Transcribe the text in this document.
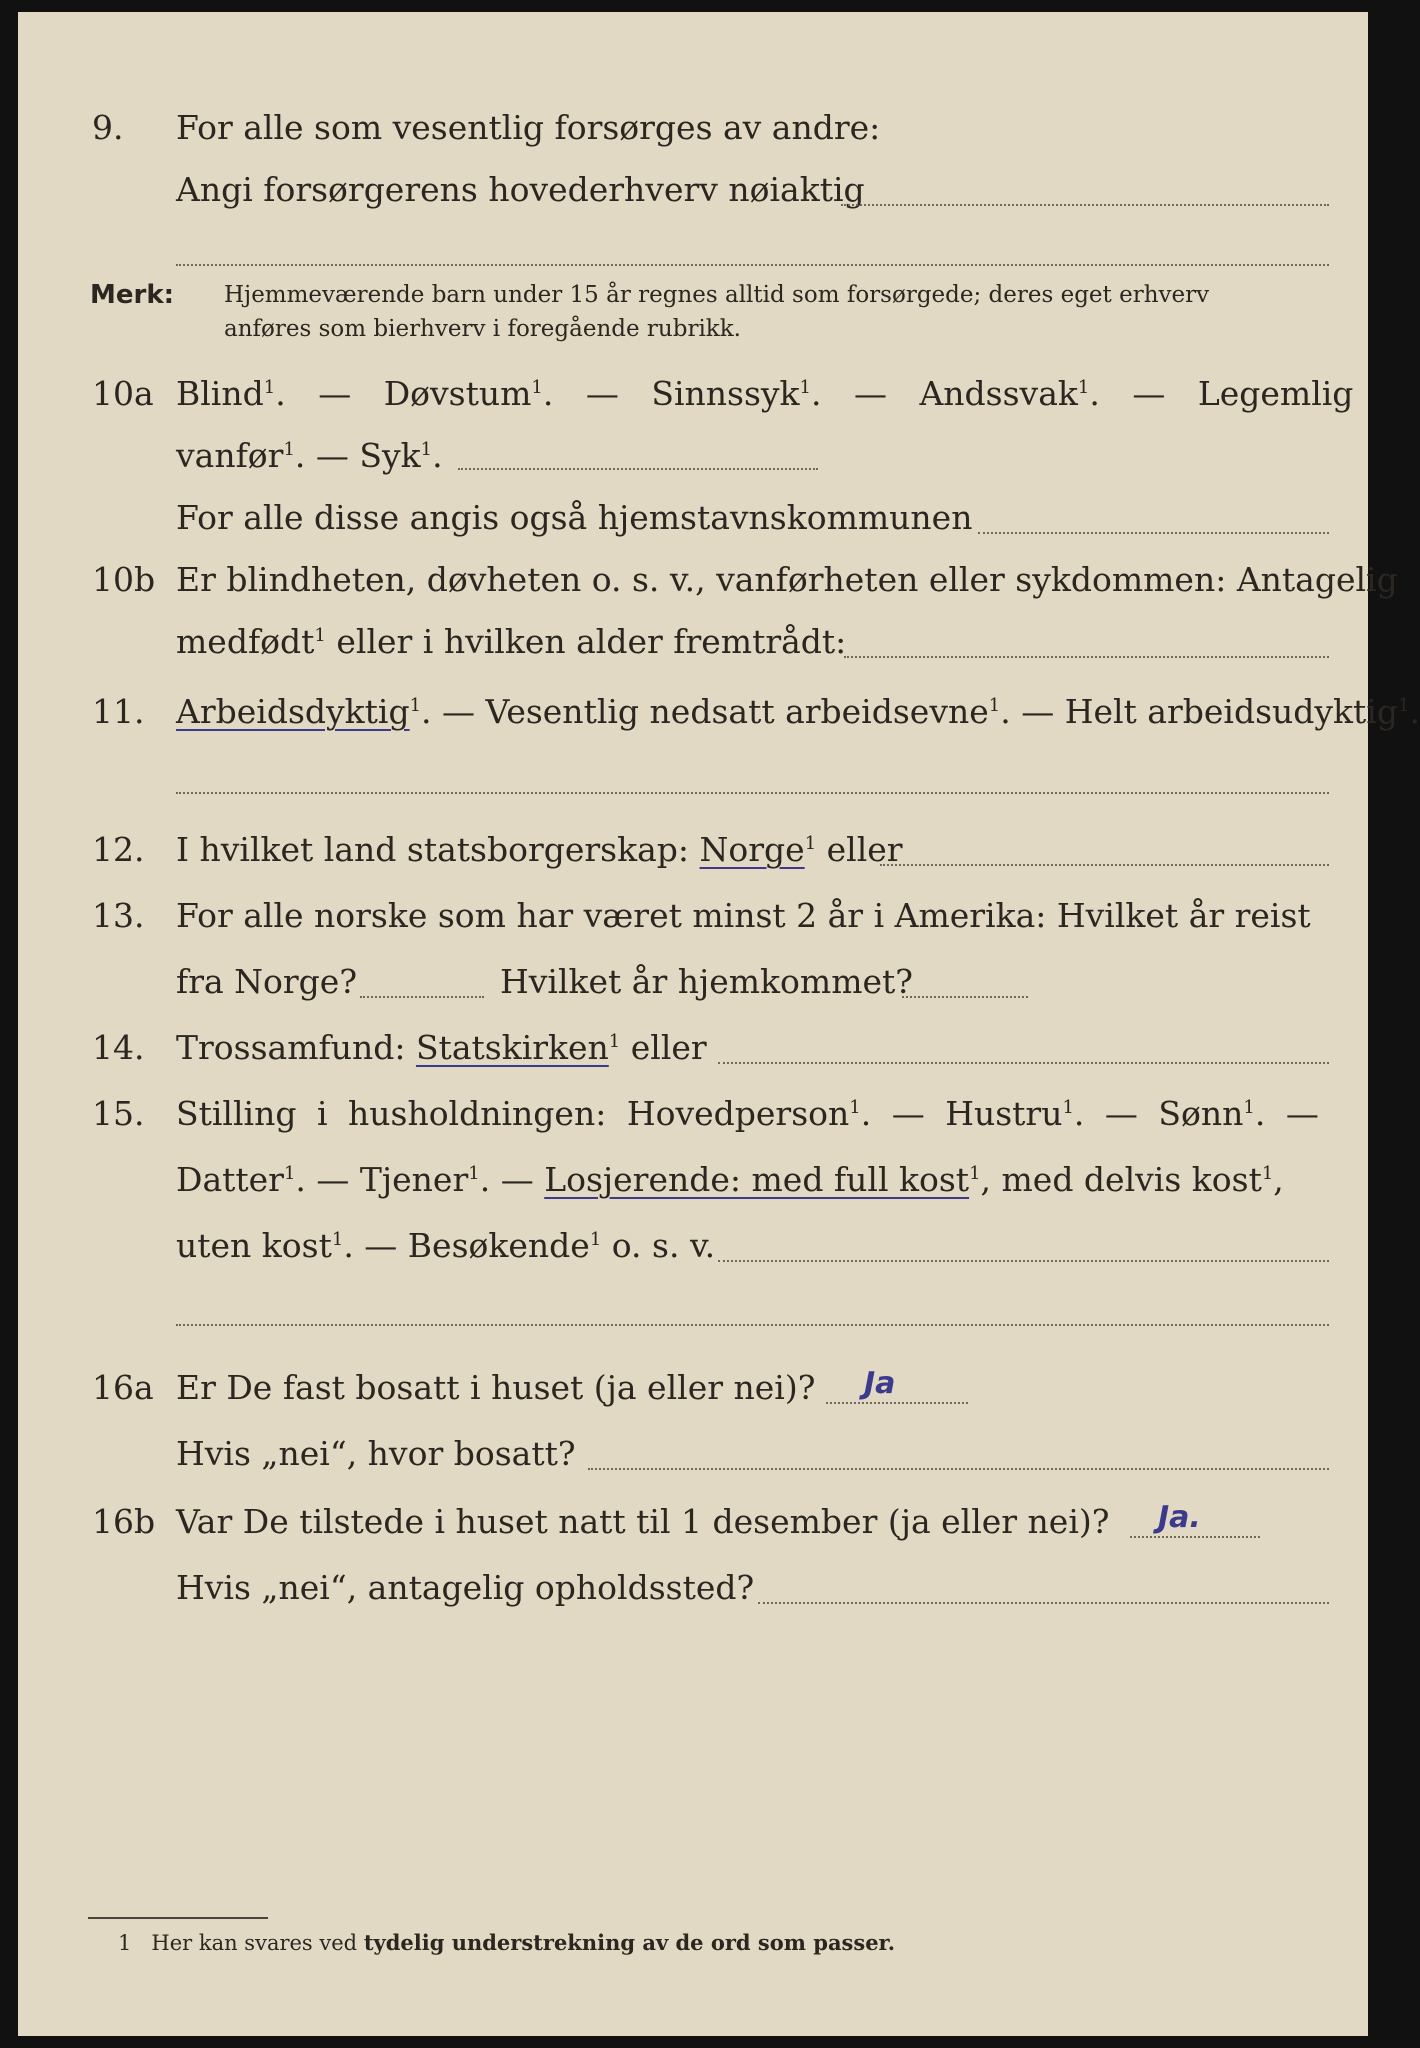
9. For alle som vesentlig forsørges av andre:
Angi forsørgerens hovederhverv nøiaktig
Merk: Hjemmeværende barn under 15 år regnes alltid som forsørgede; deres eget erhverv
anføres som bierhverv i foregående rubrikk.
10a Blind$^1$. — Døvstum$^1$. — Sinnssyk$^1$. — Andssvak$^1$. — Legemlig
vanfør$^1$. — Syk$^1$.
For alle disse angis også hjemstavnskommunen
10b Er blindheten, døvheten o. s. v., vanførheten eller sykdommen: Antagelig
medfødt$^1$ eller i hvilken alder fremtrådt:
11. Arbeidsdyktig$^1$. — Vesentlig nedsatt arbeidsevne$^1$. — Helt arbeidsudyktig$^1$.
12. I hvilket land statsborgerskap: Norge$^1$ eller
13. For alle norske som har været minst 2 år i Amerika: Hvilket år reist
fra Norge?	Hvilket år hjemkommet?
14. Trossamfund: Statskirken$^1$ eller
15. Stilling i husholdningen: Hovedperson$^1$. — Hustru$^1$. — Sønn$^1$. —
Datter$^1$. — Tjener$^1$. — Losjerende: med full kost$^1$, med delvis kost$^1$,
uten kost$^1$. — Besøkende$^1$ o. s. v.
16a Er De fast bosatt i huset (ja eller nei)? Ja
Hvis „nei“, hvor bosatt?
16b Var De tilstede i huset natt til 1 desember (ja eller nei)? Ja.
Hvis „nei“, antagelig opholdssted?
1 Her kan svares ved tydelig understrekning av de ord som passer.
